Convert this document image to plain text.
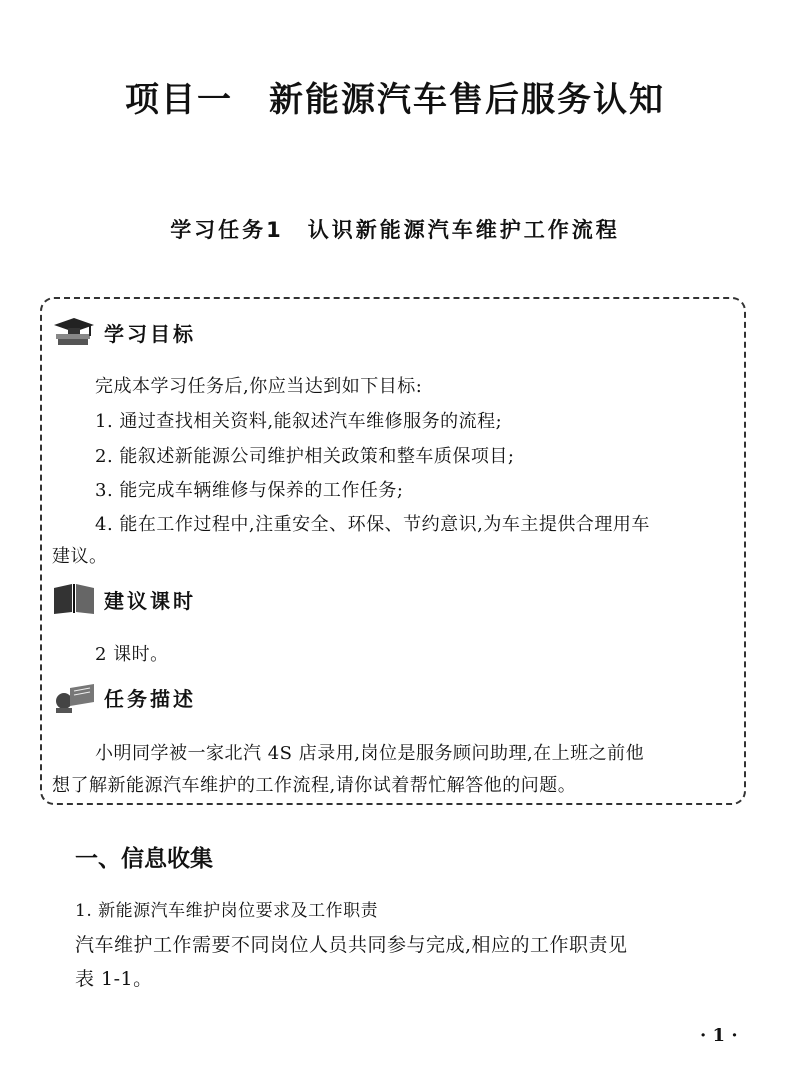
项目一　新能源汽车售后服务认知
学习任务1　认识新能源汽车维护工作流程
学习目标
完成本学习任务后,你应当达到如下目标:
1. 通过查找相关资料,能叙述汽车维修服务的流程;
2. 能叙述新能源公司维护相关政策和整车质保项目;
3. 能完成车辆维修与保养的工作任务;
4. 能在工作过程中,注重安全、环保、节约意识,为车主提供合理用车
建议。
建议课时
2 课时。
任务描述
小明同学被一家北汽 4S 店录用,岗位是服务顾问助理,在上班之前他
想了解新能源汽车维护的工作流程,请你试着帮忙解答他的问题。
一、信息收集
1. 新能源汽车维护岗位要求及工作职责
汽车维护工作需要不同岗位人员共同参与完成,相应的工作职责见
表 1-1。
· 1 ·
